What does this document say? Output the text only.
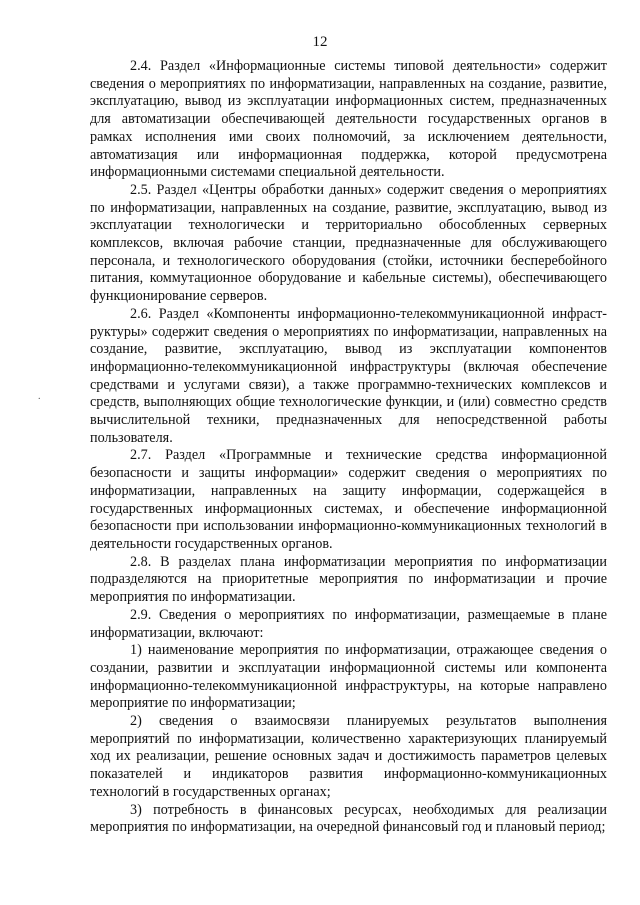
12
.

2.4. Раздел «Информационные системы типовой деятельности» содержит сведения о мероприятиях по информатизации, направленных на создание, развитие, эксплуатацию, вывод из эксплуатации информационных систем, предназначенных для автоматизации обеспечивающей деятельности государственных органов в рамках исполнения ими своих полномочий, за исключением деятельности, автоматизация или информационная поддержка, которой предусмотрена информационными системами специальной деятельности.

2.5. Раздел «Центры обработки данных» содержит сведения о мероприятиях по информатизации, направленных на создание, развитие, эксплуатацию, вывод из эксплуатации технологически и территориально обособленных серверных комплексов, включая рабочие станции, предназначенные для обслуживающего персонала, и технологического оборудования (стойки, источники бесперебойного питания, коммутационное оборудование и кабельные системы), обеспечивающего функционирование серверов.

2.6. Раздел «Компоненты информационно-телекоммуникационной инфраст-руктуры» содержит сведения о мероприятиях по информатизации, направленных на создание, развитие, эксплуатацию, вывод из эксплуатации компонентов информационно-телекоммуникационной инфраструктуры (включая обеспечение средствами и услугами связи), а также программно-технических комплексов и средств, выполняющих общие технологические функции, и (или) совместно средств вычислительной техники, предназначенных для непосредственной работы пользователя.

2.7. Раздел «Программные и технические средства информационной безопасности и защиты информации» содержит сведения о мероприятиях по информатизации, направленных на защиту информации, содержащейся в государственных информационных системах, и обеспечение информационной безопасности при использовании информационно-коммуникационных технологий в деятельности государственных органов.

2.8. В разделах плана информатизации мероприятия по информатизации подразделяются на приоритетные мероприятия по информатизации и прочие мероприятия по информатизации.

2.9. Сведения о мероприятиях по информатизации, размещаемые в плане информатизации, включают:

1) наименование мероприятия по информатизации, отражающее сведения о создании, развитии и эксплуатации информационной системы или компонента информационно-телекоммуникационной инфраструктуры, на которые направлено мероприятие по информатизации;

2) сведения о взаимосвязи планируемых результатов выполнения мероприятий по информатизации, количественно характеризующих планируемый ход их реализации, решение основных задач и достижимость параметров целевых показателей и индикаторов развития информационно-коммуникационных технологий в государственных органах;

3) потребность в финансовых ресурсах, необходимых для реализации мероприятия по информатизации, на очередной финансовый год и плановый период;
